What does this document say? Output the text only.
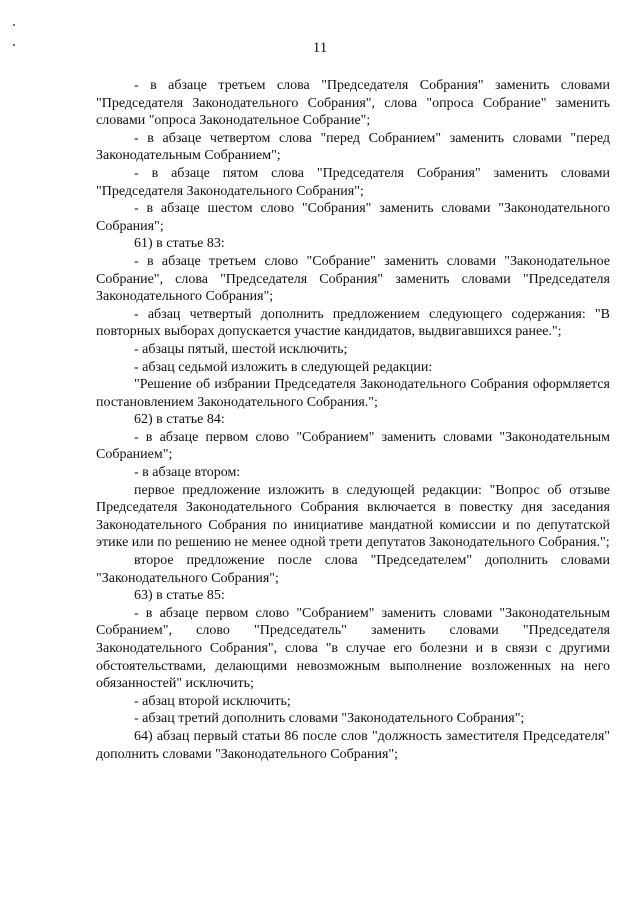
11

- в абзаце третьем слова "Председателя Собрания" заменить словами "Председателя Законодательного Собрания", слова "опроса Собрание" заменить словами "опроса Законодательное Собрание";

- в абзаце четвертом слова "перед Собранием" заменить словами "перед Законодательным Собранием";

- в абзаце пятом слова "Председателя Собрания" заменить словами "Председателя Законодательного Собрания";

- в абзаце шестом слово "Собрания" заменить словами "Законодательного Собрания";

61) в статье 83:

- в абзаце третьем слово "Собрание" заменить словами "Законодательное Собрание", слова "Председателя Собрания" заменить словами "Председателя Законодательного Собрания";

- абзац четвертый дополнить предложением следующего содержания: "В повторных выборах допускается участие кандидатов, выдвигавшихся ранее.";

- абзацы пятый, шестой исключить;

- абзац седьмой изложить в следующей редакции:

"Решение об избрании Председателя Законодательного Собрания оформляется постановлением Законодательного Собрания.";

62) в статье 84:

- в абзаце первом слово "Собранием" заменить словами "Законодательным Собранием";

- в абзаце втором:

первое предложение изложить в следующей редакции: "Вопрос об отзыве Председателя Законодательного Собрания включается в повестку дня заседания Законодательного Собрания по инициативе мандатной комиссии и по депутатской этике или по решению не менее одной трети депутатов Законодательного Собрания.";

второе предложение после слова "Председателем" дополнить словами "Законодательного Собрания";

63) в статье 85:

- в абзаце первом слово "Собранием" заменить словами "Законодательным Собранием", слово "Председатель" заменить словами "Председателя Законодательного Собрания", слова "в случае его болезни и в связи с другими обстоятельствами, делающими невозможным выполнение возложенных на него обязанностей" исключить;

- абзац второй исключить;

- абзац третий дополнить словами "Законодательного Собрания";

64) абзац первый статьи 86 после слов "должность заместителя Председателя" дополнить словами "Законодательного Собрания";
